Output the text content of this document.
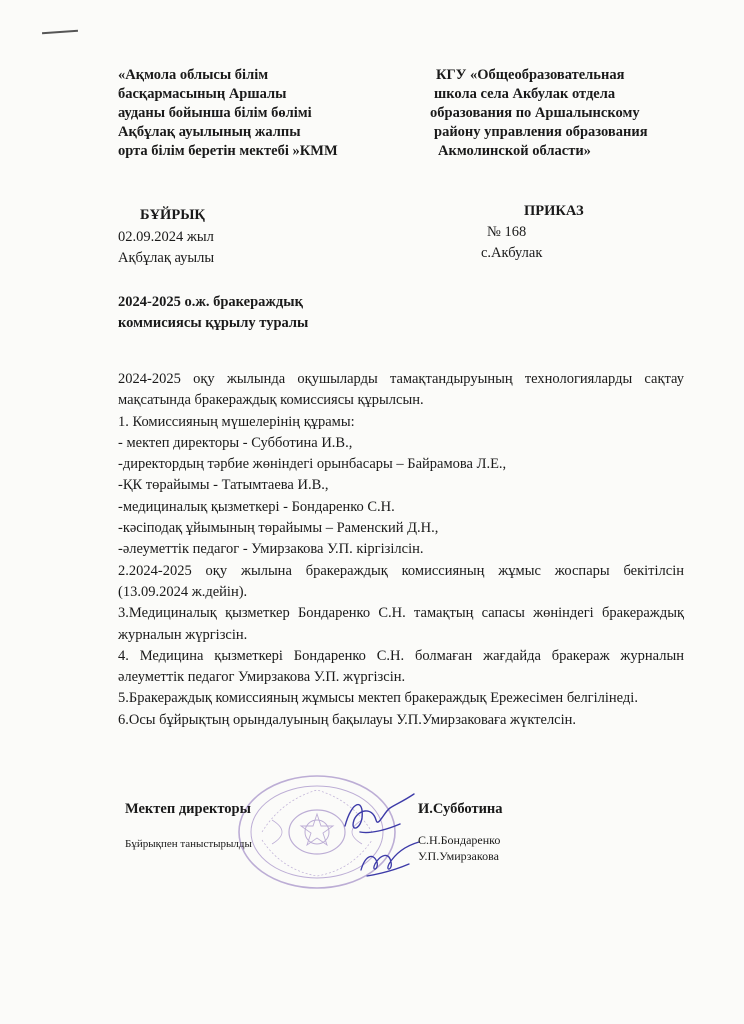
«Ақмола облысы білім
басқармасының Аршалы
ауданы бойынша білім бөлімі
Ақбұлақ ауылының жалпы
орта білім беретін мектебі »КММ
КГУ «Общеобразовательная
школа села Акбулак отдела
образования по Аршалынскому
району управления образования
Акмолинской области»
БҰЙРЫҚ	ПРИКАЗ
02.09.2024 жыл	№ 168
Ақбұлақ ауылы	с.Акбулак
2024-2025 о.ж. бракераждық
коммисиясы құрылу туралы
2024-2025 оқу жылында оқушыларды тамақтандыруының технологияларды сақтау мақсатында бракераждық комиссиясы құрылсын.
1. Комиссияның мүшелерінің құрамы:
- мектеп директоры - Субботина И.В.,
-директордың тәрбие жөніндегі орынбасары – Байрамова Л.Е.,
-ҚК төрайымы - Татымтаева И.В.,
-медициналық қызметкері - Бондаренко С.Н.
-кәсіподақ ұйымының төрайымы – Раменский Д.Н.,
-әлеуметтік педагог - Умирзакова У.П. кіргізілсін.
2.2024-2025 оқу жылына бракераждық комиссияның жұмыс жоспары бекітілсін (13.09.2024 ж.дейін).
3.Медициналық қызметкер Бондаренко С.Н. тамақтың сапасы жөніндегі бракераждық журналын жүргізсін.
4. Медицина қызметкері Бондаренко С.Н. болмаған жағдайда бракераж журналын әлеуметтік педагог Умирзакова У.П. жүргізсін.
5.Бракераждық комиссияның жұмысы мектеп бракераждық Ережесімен белгілінеді.
6.Осы бұйрықтың орындалуының бақылауы У.П.Умирзаковаға жүктелсін.
Мектеп директоры	И.Субботина
Бұйрықпен таныстырылды	С.Н.Бондаренко
У.П.Умирзакова
